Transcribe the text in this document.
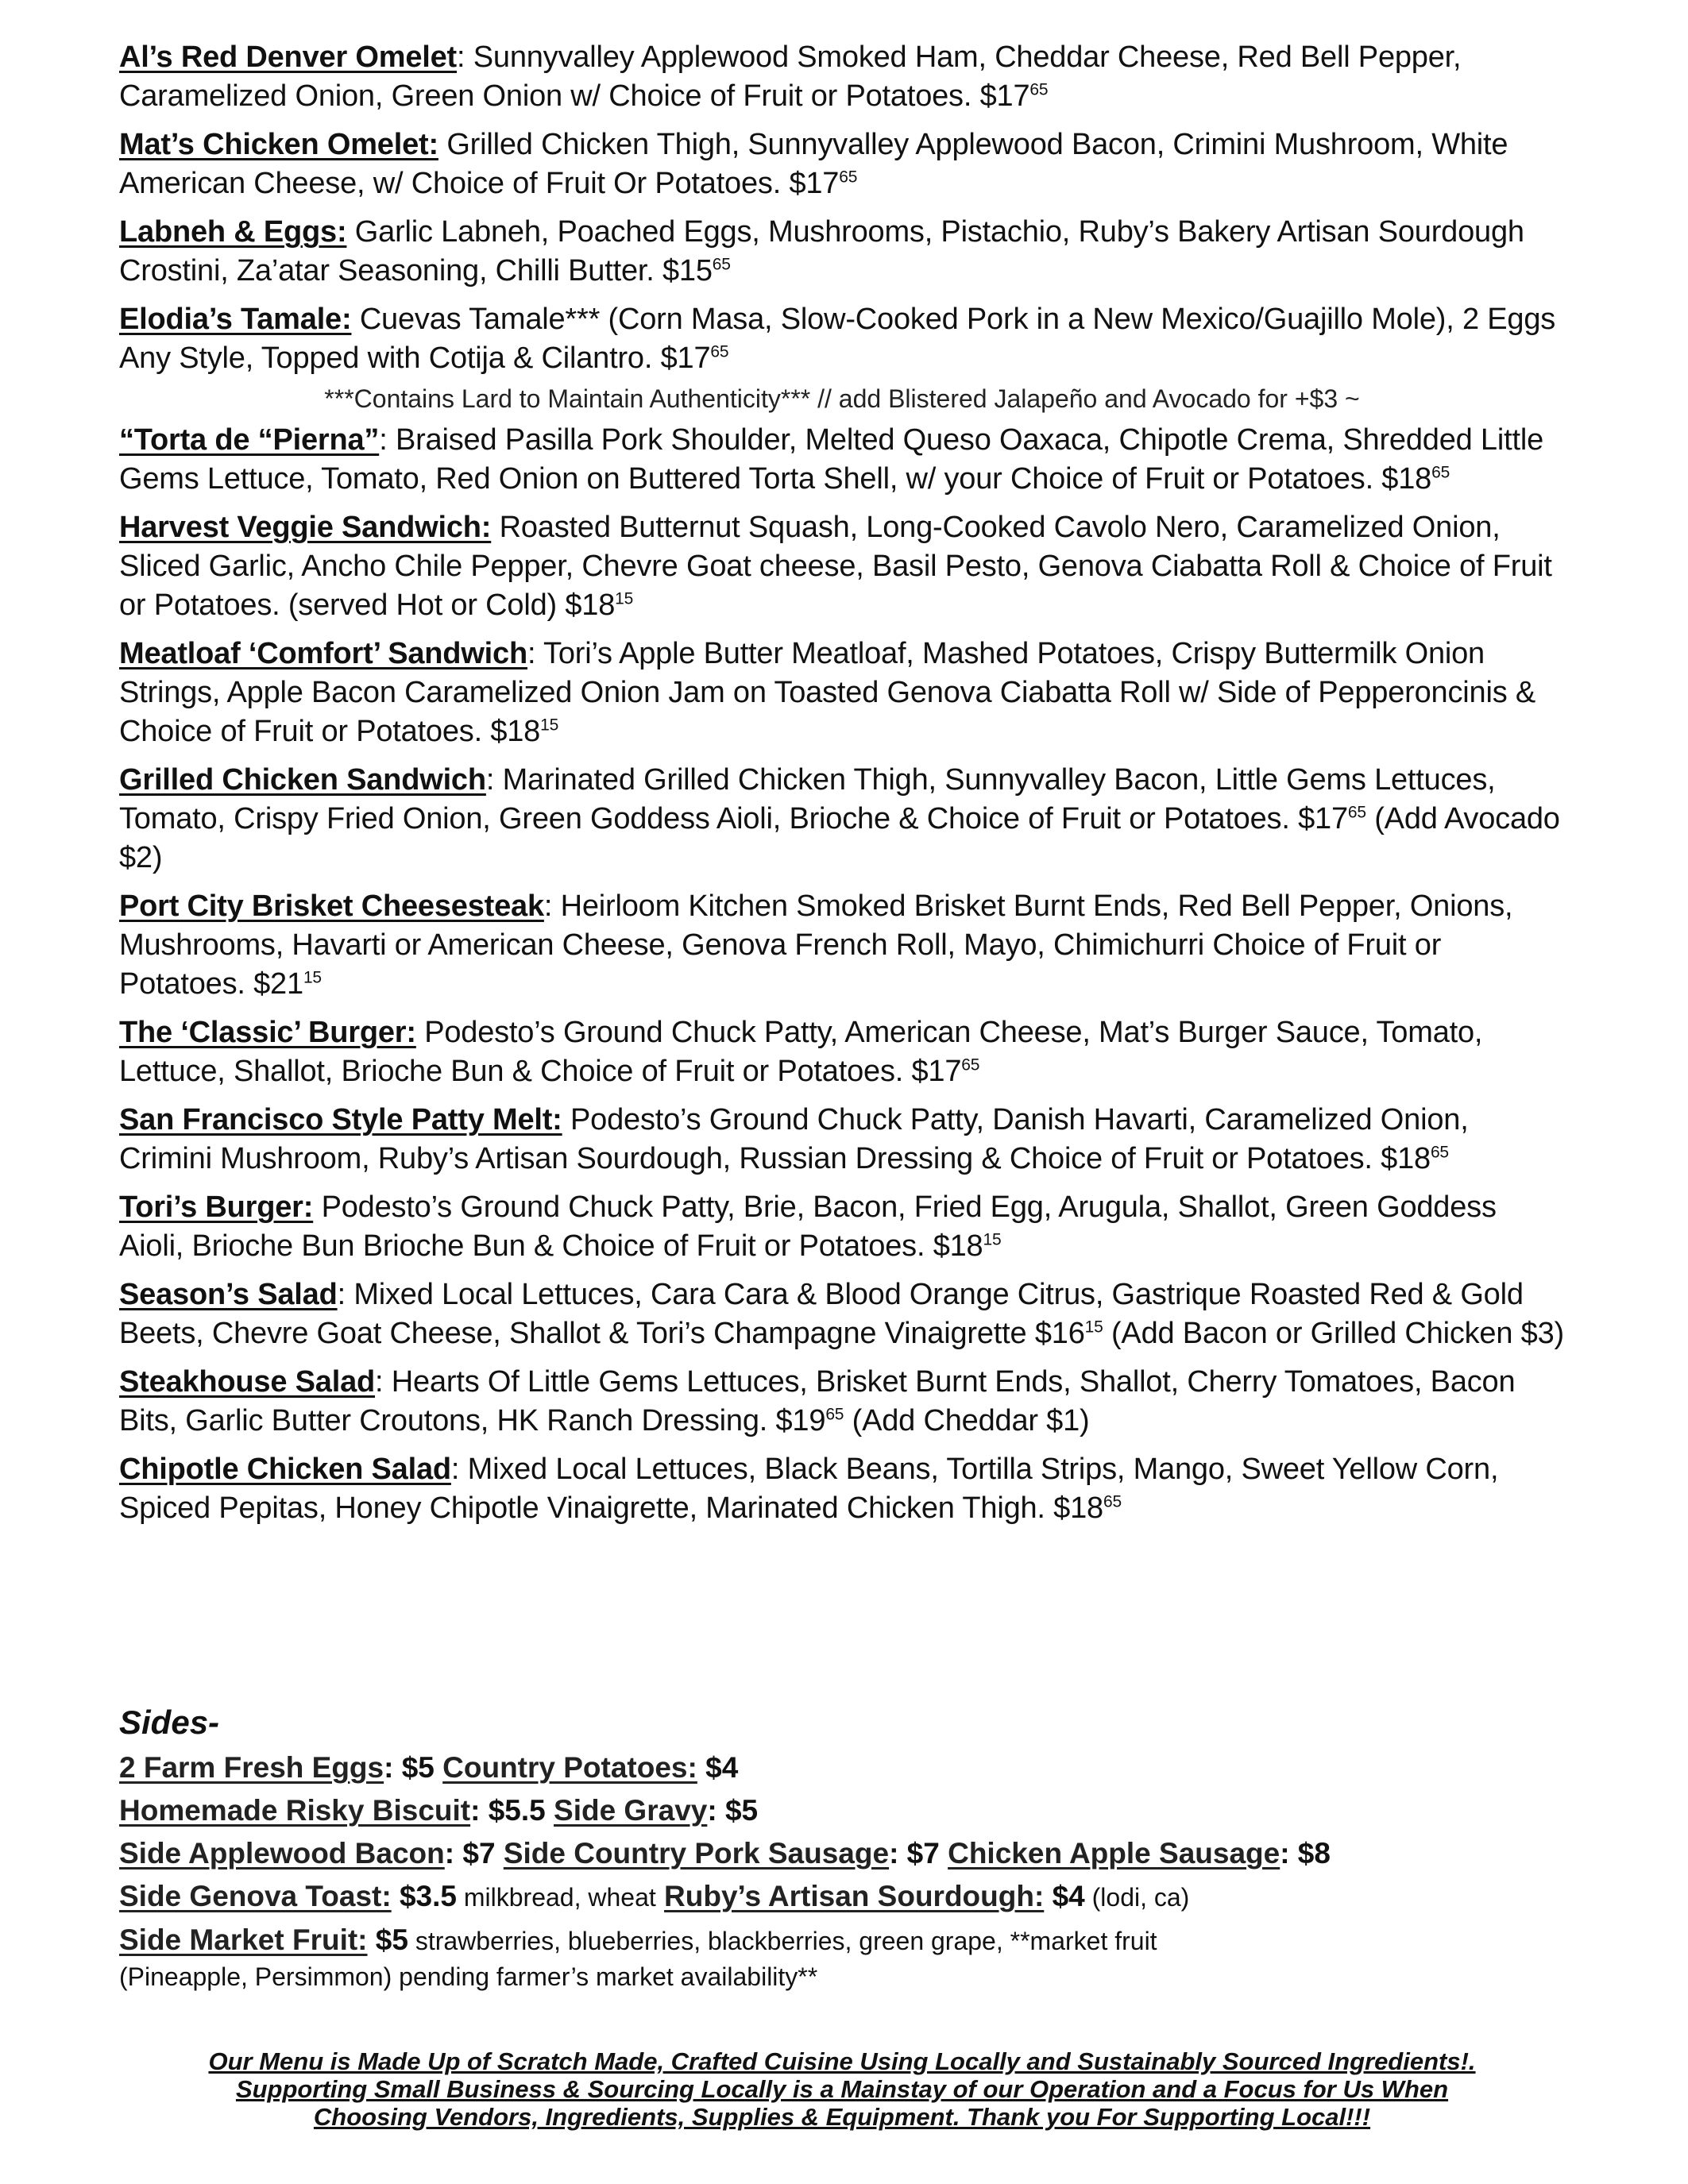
Al’s Red Denver Omelet: Sunnyvalley Applewood Smoked Ham, Cheddar Cheese, Red Bell Pepper, Caramelized Onion, Green Onion w/ Choice of Fruit or Potatoes. $\$17^{65}$
Mat’s Chicken Omelet: Grilled Chicken Thigh, Sunnyvalley Applewood Bacon, Crimini Mushroom, White American Cheese, w/ Choice of Fruit Or Potatoes. $\$17^{65}$
Labneh & Eggs: Garlic Labneh, Poached Eggs, Mushrooms, Pistachio, Ruby’s Bakery Artisan Sourdough Crostini, Za’atar Seasoning, Chilli Butter. $\$15^{65}$
Elodia’s Tamale: Cuevas Tamale*** (Corn Masa, Slow-Cooked Pork in a New Mexico/Guajillo Mole), 2 Eggs Any Style, Topped with Cotija & Cilantro. $\$17^{65}$
***Contains Lard to Maintain Authenticity*** // add Blistered Jalapeño and Avocado for +$3 ~
“Torta de “Pierna”: Braised Pasilla Pork Shoulder, Melted Queso Oaxaca, Chipotle Crema, Shredded Little Gems Lettuce, Tomato, Red Onion on Buttered Torta Shell, w/ your Choice of Fruit or Potatoes. $\$18^{65}$
Harvest Veggie Sandwich: Roasted Butternut Squash, Long-Cooked Cavolo Nero, Caramelized Onion, Sliced Garlic, Ancho Chile Pepper, Chevre Goat cheese, Basil Pesto, Genova Ciabatta Roll & Choice of Fruit or Potatoes. (served Hot or Cold) $\$18^{15}$
Meatloaf ‘Comfort’ Sandwich: Tori’s Apple Butter Meatloaf, Mashed Potatoes, Crispy Buttermilk Onion Strings, Apple Bacon Caramelized Onion Jam on Toasted Genova Ciabatta Roll w/ Side of Pepperoncinis & Choice of Fruit or Potatoes. $\$18^{15}$
Grilled Chicken Sandwich: Marinated Grilled Chicken Thigh, Sunnyvalley Bacon, Little Gems Lettuces, Tomato, Crispy Fried Onion, Green Goddess Aioli, Brioche & Choice of Fruit or Potatoes. $\$17^{65}$ (Add Avocado $2)
Port City Brisket Cheesesteak: Heirloom Kitchen Smoked Brisket Burnt Ends, Red Bell Pepper, Onions, Mushrooms, Havarti or American Cheese, Genova French Roll, Mayo, Chimichurri Choice of Fruit or Potatoes. $\$21^{15}$
The ‘Classic’ Burger: Podesto’s Ground Chuck Patty, American Cheese, Mat’s Burger Sauce, Tomato, Lettuce, Shallot, Brioche Bun & Choice of Fruit or Potatoes. $\$17^{65}$
San Francisco Style Patty Melt: Podesto’s Ground Chuck Patty, Danish Havarti, Caramelized Onion, Crimini Mushroom, Ruby’s Artisan Sourdough, Russian Dressing & Choice of Fruit or Potatoes. $\$18^{65}$
Tori’s Burger: Podesto’s Ground Chuck Patty, Brie, Bacon, Fried Egg, Arugula, Shallot, Green Goddess Aioli, Brioche Bun Brioche Bun & Choice of Fruit or Potatoes. $\$18^{15}$
Season’s Salad: Mixed Local Lettuces, Cara Cara & Blood Orange Citrus, Gastrique Roasted Red & Gold Beets, Chevre Goat Cheese, Shallot & Tori’s Champagne Vinaigrette $\$16^{15}$ (Add Bacon or Grilled Chicken $3)
Steakhouse Salad: Hearts Of Little Gems Lettuces, Brisket Burnt Ends, Shallot, Cherry Tomatoes, Bacon Bits, Garlic Butter Croutons, HK Ranch Dressing. $\$19^{65}$ (Add Cheddar $1)
Chipotle Chicken Salad: Mixed Local Lettuces, Black Beans, Tortilla Strips, Mango, Sweet Yellow Corn, Spiced Pepitas, Honey Chipotle Vinaigrette, Marinated Chicken Thigh. $\$18^{65}$
Sides-
2 Farm Fresh Eggs: $5 Country Potatoes: $4
Homemade Risky Biscuit: $5.5 Side Gravy: $5
Side Applewood Bacon: $7 Side Country Pork Sausage: $7 Chicken Apple Sausage: $8
Side Genova Toast: $3.5 milkbread, wheat Ruby’s Artisan Sourdough: $4 (lodi, ca)
Side Market Fruit: $5 strawberries, blueberries, blackberries, green grape, **market fruit
(Pineapple, Persimmon) pending farmer’s market availability**
Our Menu is Made Up of Scratch Made, Crafted Cuisine Using Locally and Sustainably Sourced Ingredients!.
Supporting Small Business & Sourcing Locally is a Mainstay of our Operation and a Focus for Us When
Choosing Vendors, Ingredients, Supplies & Equipment. Thank you For Supporting Local!!!
